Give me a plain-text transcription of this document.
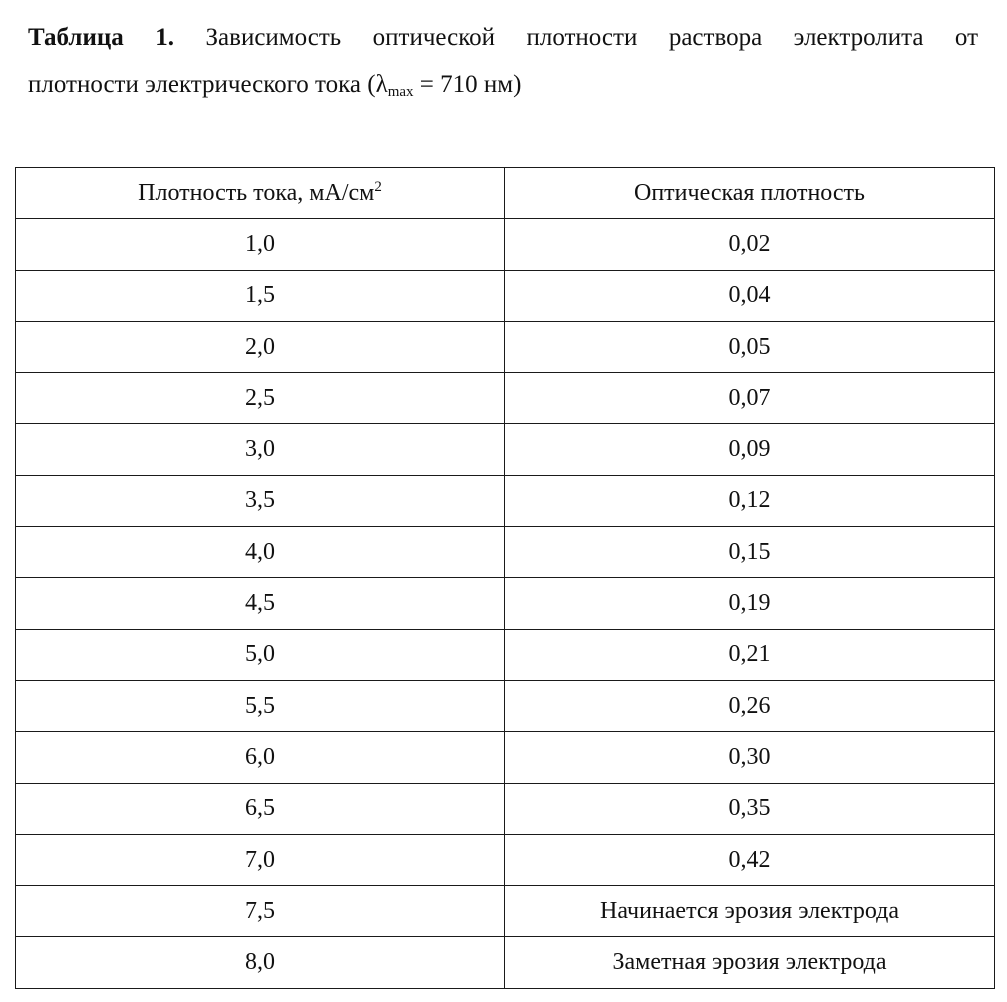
Таблица 1. Зависимость оптической плотности раствора электролита от
плотности электрического тока ($\lambda_{max} = 710$ нм)
Плотность тока, $мА/см^2$	Оптическая плотность
1,0	0,02
1,5	0,04
2,0	0,05
2,5	0,07
3,0	0,09
3,5	0,12
4,0	0,15
4,5	0,19
5,0	0,21
5,5	0,26
6,0	0,30
6,5	0,35
7,0	0,42
7,5	Начинается эрозия электрода
8,0	Заметная эрозия электрода
